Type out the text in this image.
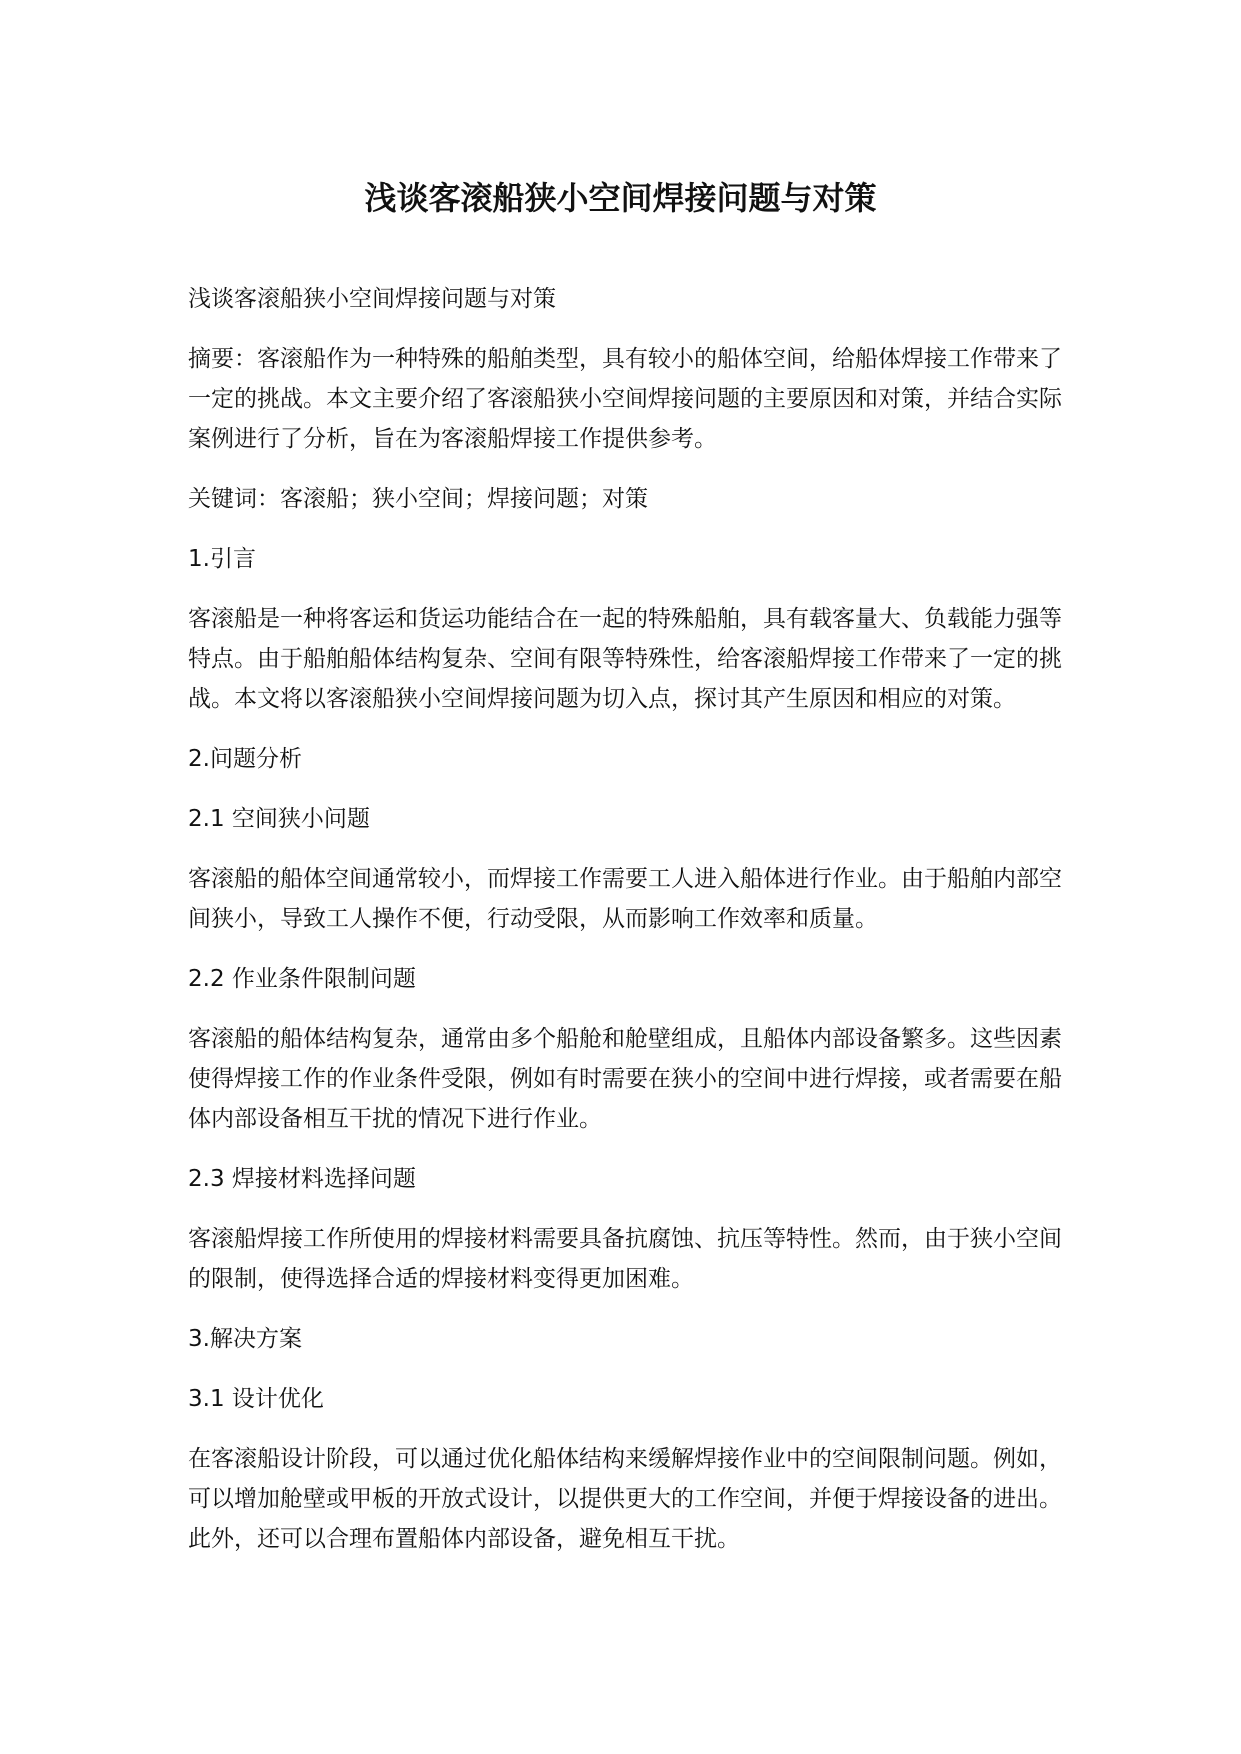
浅谈客滚船狭小空间焊接问题与对策

浅谈客滚船狭小空间焊接问题与对策

摘要：客滚船作为一种特殊的船舶类型，具有较小的船体空间，给船体焊接工作带来了一定的挑战。本文主要介绍了客滚船狭小空间焊接问题的主要原因和对策，并结合实际案例进行了分析，旨在为客滚船焊接工作提供参考。

关键词：客滚船；狭小空间；焊接问题；对策

1.引言

客滚船是一种将客运和货运功能结合在一起的特殊船舶，具有载客量大、负载能力强等特点。由于船舶船体结构复杂、空间有限等特殊性，给客滚船焊接工作带来了一定的挑战。本文将以客滚船狭小空间焊接问题为切入点，探讨其产生原因和相应的对策。

2.问题分析

2.1 空间狭小问题

客滚船的船体空间通常较小，而焊接工作需要工人进入船体进行作业。由于船舶内部空间狭小，导致工人操作不便，行动受限，从而影响工作效率和质量。

2.2 作业条件限制问题

客滚船的船体结构复杂，通常由多个船舱和舱壁组成，且船体内部设备繁多。这些因素使得焊接工作的作业条件受限，例如有时需要在狭小的空间中进行焊接，或者需要在船体内部设备相互干扰的情况下进行作业。

2.3 焊接材料选择问题

客滚船焊接工作所使用的焊接材料需要具备抗腐蚀、抗压等特性。然而，由于狭小空间的限制，使得选择合适的焊接材料变得更加困难。

3.解决方案

3.1 设计优化

在客滚船设计阶段，可以通过优化船体结构来缓解焊接作业中的空间限制问题。例如，可以增加舱壁或甲板的开放式设计，以提供更大的工作空间，并便于焊接设备的进出。此外，还可以合理布置船体内部设备，避免相互干扰。
